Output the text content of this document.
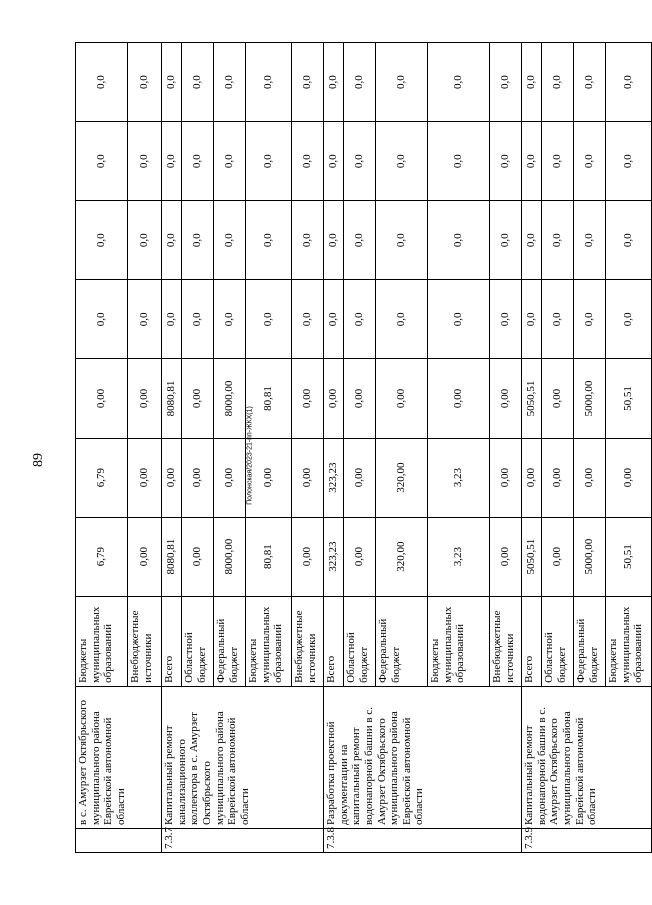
89	Полонская/2023-21-пп-ЖКХ(1)
	в с. Амурзет Октябрьского муниципального района Еврейской автономной области	Бюджеты муниципальных образований	6,79	6,79	0,00	0,0	0,0	0,0	0,0
		Внебюджетные источники	0,00	0,00	0,00	0,0	0,0	0,0	0,0
7.3.7	Капитальный ремонт канализационного коллектора в с. Амурзет Октябрьского муниципального района Еврейской автономной области	Всего	8080,81	0,00	8080,81	0,0	0,0	0,0	0,0
		Областной бюджет	0,00	0,00	0,00	0,0	0,0	0,0	0,0
		Федеральный бюджет	8000,00	0,00	8000,00	0,0	0,0	0,0	0,0
		Бюджеты муниципальных образований	80,81	0,00	80,81	0,0	0,0	0,0	0,0
		Внебюджетные источники	0,00	0,00	0,00	0,0	0,0	0,0	0,0
7.3.8	Разработка проектной документации на капитальный ремонт водонапорной башни в с. Амурзет Октябрьского муниципального района Еврейской автономной области	Всего	323,23	323,23	0,00	0,0	0,0	0,0	0,0
		Областной бюджет	0,00	0,00	0,00	0,0	0,0	0,0	0,0
		Федеральный бюджет	320,00	320,00	0,00	0,0	0,0	0,0	0,0
		Бюджеты муниципальных образований	3,23	3,23	0,00	0,0	0,0	0,0	0,0
		Внебюджетные источники	0,00	0,00	0,00	0,0	0,0	0,0	0,0
7.3.9	Капитальный ремонт водонапорной башни в с. Амурзет Октябрьского муниципального района Еврейской автономной области	Всего	5050,51	0,00	5050,51	0,0	0,0	0,0	0,0
		Областной бюджет	0,00	0,00	0,00	0,0	0,0	0,0	0,0
		Федеральный бюджет	5000,00	0,00	5000,00	0,0	0,0	0,0	0,0
		Бюджеты муниципальных образований	50,51	0,00	50,51	0,0	0,0	0,0	0,0
